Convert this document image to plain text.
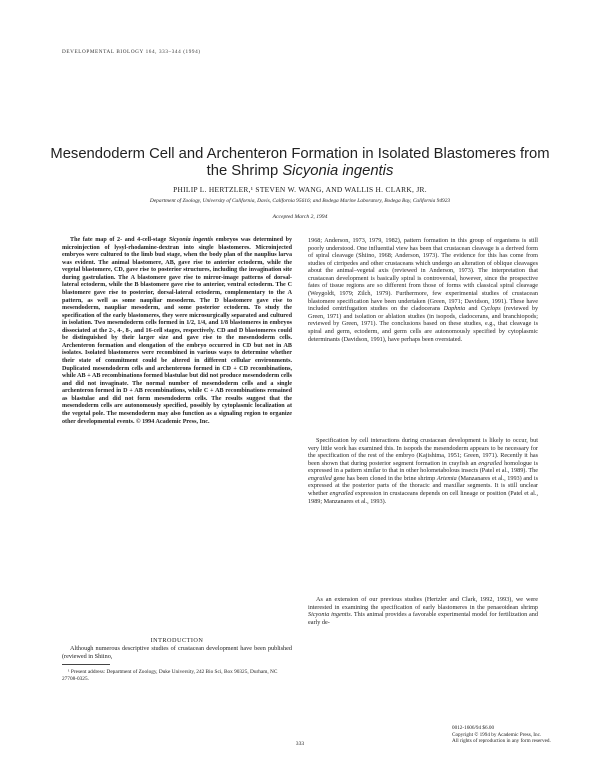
DEVELOPMENTAL BIOLOGY 164, 333–344 (1994)
Mesendoderm Cell and Archenteron Formation in Isolated Blastomeres from the Shrimp Sicyonia ingentis
PHILIP L. HERTZLER,¹ STEVEN W. WANG, AND WALLIS H. CLARK, JR.
Department of Zoology, University of California, Davis, California 95616; and Bodega Marine Laboratory, Bodega Bay, California 94923
Accepted March 2, 1994
The fate map of 2- and 4-cell-stage Sicyonia ingentis embryos was determined by microinjection of lysyl-rhodamine-dextran into single blastomeres. Microinjected embryos were cultured to the limb bud stage, when the body plan of the nauplius larva was evident. The animal blastomere, AB, gave rise to anterior ectoderm, while the vegetal blastomere, CD, gave rise to posterior structures, including the invagination site during gastrulation. The A blastomere gave rise to mirror-image patterns of dorsal-lateral ectoderm, while the B blastomere gave rise to anterior, ventral ectoderm. The C blastomere gave rise to posterior, dorsal-lateral ectoderm, complementary to the A pattern, as well as some naupliar mesoderm. The D blastomere gave rise to mesendoderm, naupliar mesoderm, and some posterior ectoderm. To study the specification of the early blastomeres, they were microsurgically separated and cultured in isolation. Two mesendoderm cells formed in 1/2, 1/4, and 1/8 blastomeres in embryos dissociated at the 2-, 4-, 8-, and 16-cell stages, respectively. CD and D blastomeres could be distinguished by their larger size and gave rise to the mesendoderm cells. Archenteron formation and elongation of the embryo occurred in CD but not in AB isolates. Isolated blastomeres were recombined in various ways to determine whether their state of commitment could be altered in different cellular environments. Duplicated mesendoderm cells and archenterons formed in CD + CD recombinations, while AB + AB recombinations formed blastulae but did not produce mesendoderm cells and did not invaginate. The normal number of mesendoderm cells and a single archenteron formed in D + AB recombinations, while C + AB recombinations remained as blastulae and did not form mesendoderm cells. The results suggest that the mesendoderm cells are autonomously specified, possibly by cytoplasmic localization at the vegetal pole. The mesendoderm may also function as a signaling region to organize other developmental events. © 1994 Academic Press, Inc.
INTRODUCTION
Although numerous descriptive studies of crustacean development have been published (reviewed in Shiino,
¹ Present address: Department of Zoology, Duke University, 242 Bio Sci, Box 90325, Durham, NC 27708-0325.
1968; Anderson, 1973, 1979, 1982), pattern formation in this group of organisms is still poorly understood. One influential view has been that crustacean cleavage is a derived form of spiral cleavage (Shiino, 1968; Anderson, 1973). The evidence for this has come from studies of cirripedes and other crustaceans which undergo an alteration of oblique cleavages about the animal–vegetal axis (reviewed in Anderson, 1973). The interpretation that crustacean development is basically spiral is controversial, however, since the prospective fates of tissue regions are so different from those of forms with classical spiral cleavage (Weygoldt, 1979; Zilch, 1979). Furthermore, few experimental studies of crustacean blastomere specification have been undertaken (Green, 1971; Davidson, 1991). These have included centrifugation studies on the cladocerans Daphnia and Cyclops (reviewed by Green, 1971) and isolation or ablation studies (in isopods, cladocerans, and branchiopods; reviewed by Green, 1971). The conclusions based on these studies, e.g., that cleavage is spiral and germ, ectoderm, and germ cells are autonomously specified by cytoplasmic determinants (Davidson, 1991), have perhaps been overstated.
Specification by cell interactions during crustacean development is likely to occur, but very little work has examined this. In isopods the mesendoderm appears to be necessary for the specification of the rest of the embryo (Kajishima, 1951; Green, 1971). Recently it has been shown that during posterior segment formation in crayfish an engrailed homologue is expressed in a pattern similar to that in other holometabolous insects (Patel et al., 1989). The engrailed gene has been cloned in the brine shrimp Artemia (Manzanares et al., 1993) and is expressed at the posterior parts of the thoracic and maxillar segments. It is still unclear whether engrailed expression in crustaceans depends on cell lineage or position (Patel et al., 1989; Manzanares et al., 1993).
As an extension of our previous studies (Hertzler and Clark, 1992, 1993), we were interested in examining the specification of early blastomeres in the penaeoidean shrimp Sicyonia ingentis. This animal provides a favorable experimental model for fertilization and early de-
0012-1606/94 $6.00
Copyright © 1994 by Academic Press, Inc.
All rights of reproduction in any form reserved.
333
